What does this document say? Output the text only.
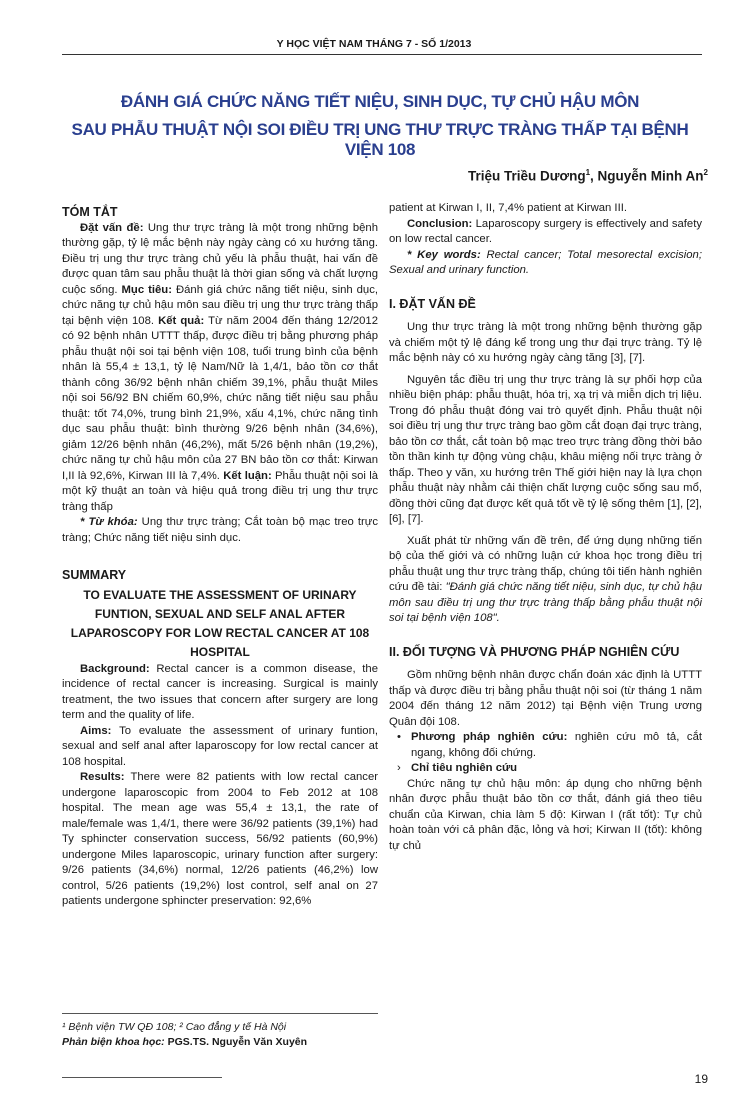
Y HỌC VIỆT NAM THÁNG 7 - SỐ 1/2013
ĐÁNH GIÁ CHỨC NĂNG TIẾT NIỆU, SINH DỤC, TỰ CHỦ HẬU MÔN
SAU PHẪU THUẬT NỘI SOI ĐIỀU TRỊ UNG THƯ TRỰC TRÀNG THẤP TẠI BỆNH VIỆN 108
Triệu Triều Dương$^1$, Nguyễn Minh An$^2$
TÓM TẮT

Đặt vấn đề: Ung thư trực tràng là một trong những bệnh thường gặp, tỷ lệ mắc bệnh này ngày càng có xu hướng tăng. Điều trị ung thư trực tràng chủ yếu là phẫu thuật, hai vấn đề được quan tâm sau phẫu thuật là thời gian sống và chất lượng cuộc sống. Mục tiêu: Đánh giá chức năng tiết niệu, sinh dục, chức năng tự chủ hậu môn sau điều trị ung thư trực tràng thấp tại bệnh viện 108. Kết quả: Từ năm 2004 đến tháng 12/2012 có 92 bệnh nhân UTTT thấp, được điều trị bằng phương pháp phẫu thuật nội soi tại bệnh viện 108, tuổi trung bình của bệnh nhân là 55,4 ± 13,1, tỷ lệ Nam/Nữ là 1,4/1, bảo tồn cơ thắt thành công 36/92 bệnh nhân chiếm 39,1%, phẫu thuật Miles nội soi 56/92 BN chiếm 60,9%, chức năng tiết niệu sau phẫu thuật: tốt 74,0%, trung bình 21,9%, xấu 4,1%, chức năng tình dục sau phẫu thuật: bình thường 9/26 bệnh nhân (34,6%), giảm 12/26 bệnh nhân (46,2%), mất 5/26 bệnh nhân (19,2%), chức năng tự chủ hậu môn của 27 BN bảo tồn cơ thắt: Kirwan I,II là 92,6%, Kirwan III là 7,4%. Kết luận: Phẫu thuật nội soi là một kỹ thuật an toàn và hiệu quả trong điều trị ung thư trực tràng thấp

* Từ khóa: Ung thư trực tràng; Cắt toàn bộ mạc treo trực tràng; Chức năng tiết niệu sinh dục.

SUMMARY
TO EVALUATE THE ASSESSMENT OF URINARY FUNTION, SEXUAL AND SELF ANAL AFTER LAPAROSCOPY FOR LOW RECTAL CANCER AT 108 HOSPITAL

Background: Rectal cancer is a common disease, the incidence of rectal cancer is increasing. Surgical is mainly treatment, the two issues that concern after surgery are long term and the quality of life.

Aims: To evaluate the assessment of urinary funtion, sexual and self anal after laparoscopy for low rectal cancer at 108 hospital.

Results: There were 82 patients with low rectal cancer undergone laparoscopic from 2004 to Feb 2012 at 108 hospital. The mean age was 55,4 ± 13,1, the rate of male/female was 1,4/1, there were 36/92 patients (39,1%) had Ty sphincter conservation success, 56/92 patients (60,9%) undergone Miles laparoscopic, urinary function after surgery: 9/26 patients (34,6%) normal, 12/26 patients (46,2%) low control, 5/26 patients (19,2%) lost control, self anal on 27 patients undergone sphincter preservation: 92,6%

patient at Kirwan I, II, 7,4% patient at Kirwan III.

Conclusion: Laparoscopy surgery is effectively and safety on low rectal cancer.

* Key words: Rectal cancer; Total mesorectal excision; Sexual and urinary function.

I. ĐẶT VẤN ĐỀ

Ung thư trực tràng là một trong những bệnh thường gặp và chiếm một tỷ lệ đáng kể trong ung thư đại trực tràng. Tỷ lệ mắc bệnh này có xu hướng ngày càng tăng [3], [7].

Nguyên tắc điều trị ung thư trực tràng là sự phối hợp của nhiều biện pháp: phẫu thuật, hóa trị, xạ trị và miễn dịch trị liệu. Trong đó phẫu thuật đóng vai trò quyết định. Phẫu thuật nội soi điều trị ung thư trực tràng bao gồm cắt đoạn đại trực tràng, bảo tồn cơ thắt, cắt toàn bộ mạc treo trực tràng đồng thời bảo tồn thần kinh tự động vùng chậu, khâu miệng nối trực tràng ở thấp. Theo y văn, xu hướng trên Thế giới hiện nay là lựa chọn phẫu thuật này nhằm cải thiện chất lượng cuộc sống sau mổ, đồng thời cũng đạt được kết quả tốt về tỷ lệ sống thêm [1], [2], [6], [7].

Xuất phát từ những vấn đề trên, để ứng dụng những tiến bộ của thế giới và có những luận cứ khoa học trong điều trị phẫu thuật ung thư trực tràng thấp, chúng tôi tiến hành nghiên cứu đề tài: "Đánh giá chức năng tiết niệu, sinh dục, tự chủ hậu môn sau điều trị ung thư trực tràng thấp bằng phẫu thuật nội soi tại bệnh viện 108".

II. ĐỐI TƯỢNG VÀ PHƯƠNG PHÁP NGHIÊN CỨU

Gồm những bệnh nhân được chẩn đoán xác định là UTTT thấp và được điều trị bằng phẫu thuật nội soi (từ tháng 1 năm 2004 đến tháng 12 năm 2012) tại Bệnh viện Trung ương Quân đội 108.

• Phương pháp nghiên cứu: nghiên cứu mô tả, cắt ngang, không đối chứng.

› Chỉ tiêu nghiên cứu

Chức năng tự chủ hậu môn: áp dụng cho những bệnh nhân được phẫu thuật bảo tồn cơ thắt, đánh giá theo tiêu chuẩn của Kirwan, chia làm 5 độ: Kirwan I (rất tốt): Tự chủ hoàn toàn với cả phân đặc, lỏng và hơi; Kirwan II (tốt): không tự chủ

¹ Bệnh viện TW QĐ 108; ² Cao đẳng y tế Hà Nội
Phản biện khoa học: PGS.TS. Nguyễn Văn Xuyên
19
